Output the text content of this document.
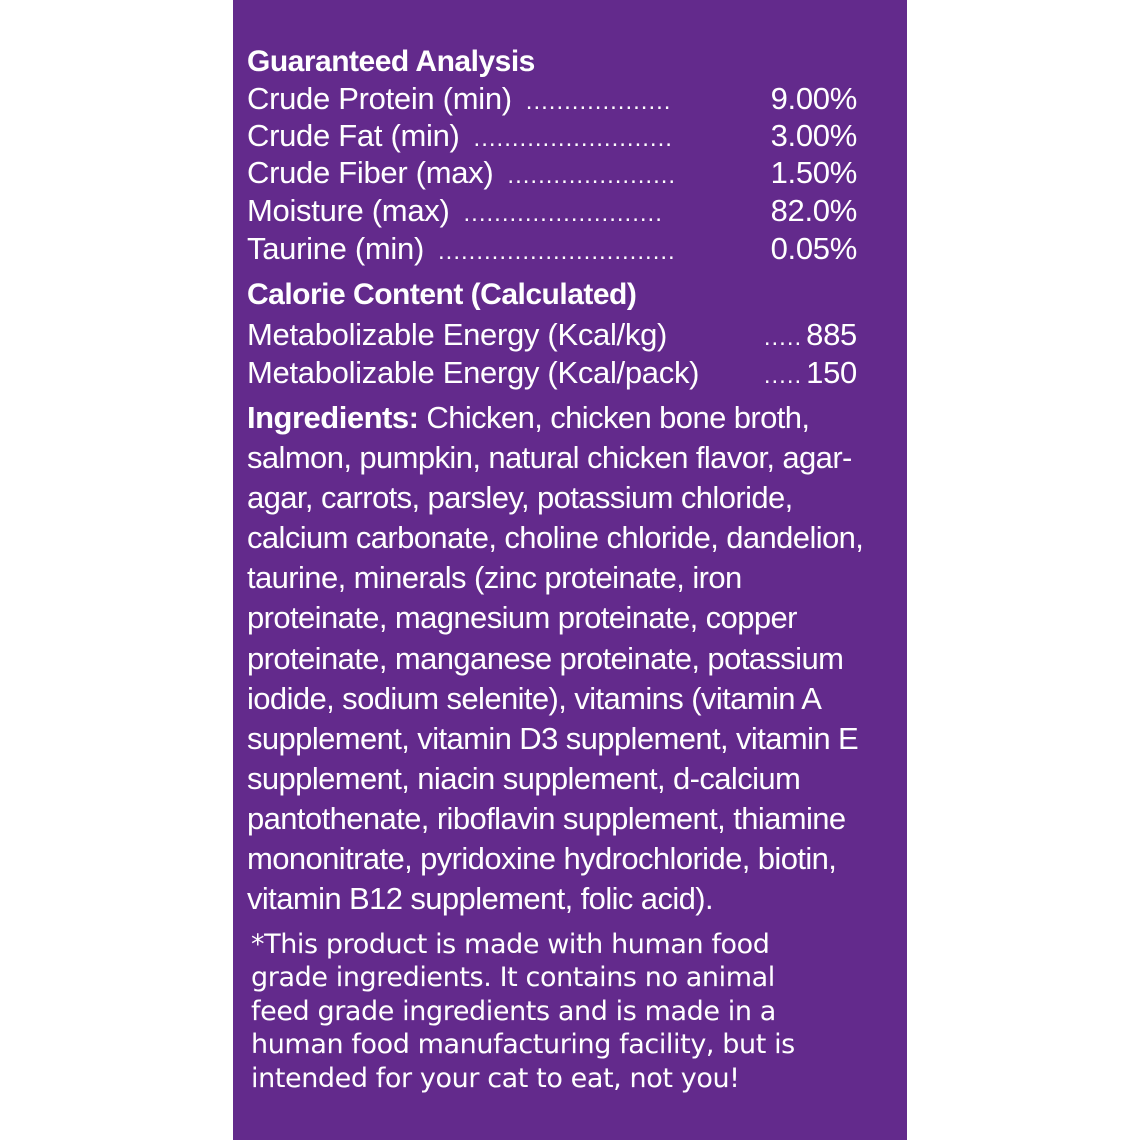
Guaranteed Analysis
Crude Protein (min) ...................	9.00%
Crude Fat (min) ..........................	3.00%
Crude Fiber (max) ......................	1.50%
Moisture (max) ..........................	82.0%
Taurine (min) ...............................	0.05%
Calorie Content (Calculated)
Metabolizable Energy (Kcal/kg)	..... 885
Metabolizable Energy (Kcal/pack)	..... 150
Ingredients: Chicken, chicken bone broth,
salmon, pumpkin, natural chicken flavor, agar-
agar, carrots, parsley, potassium chloride,
calcium carbonate, choline chloride, dandelion,
taurine, minerals (zinc proteinate, iron
proteinate, magnesium proteinate, copper
proteinate, manganese proteinate, potassium
iodide, sodium selenite), vitamins (vitamin A
supplement, vitamin D3 supplement, vitamin E
supplement, niacin supplement, d-calcium
pantothenate, riboflavin supplement, thiamine
mononitrate, pyridoxine hydrochloride, biotin,
vitamin B12 supplement, folic acid).
*This product is made with human food
grade ingredients. It contains no animal
feed grade ingredients and is made in a
human food manufacturing facility, but is
intended for your cat to eat, not you!
